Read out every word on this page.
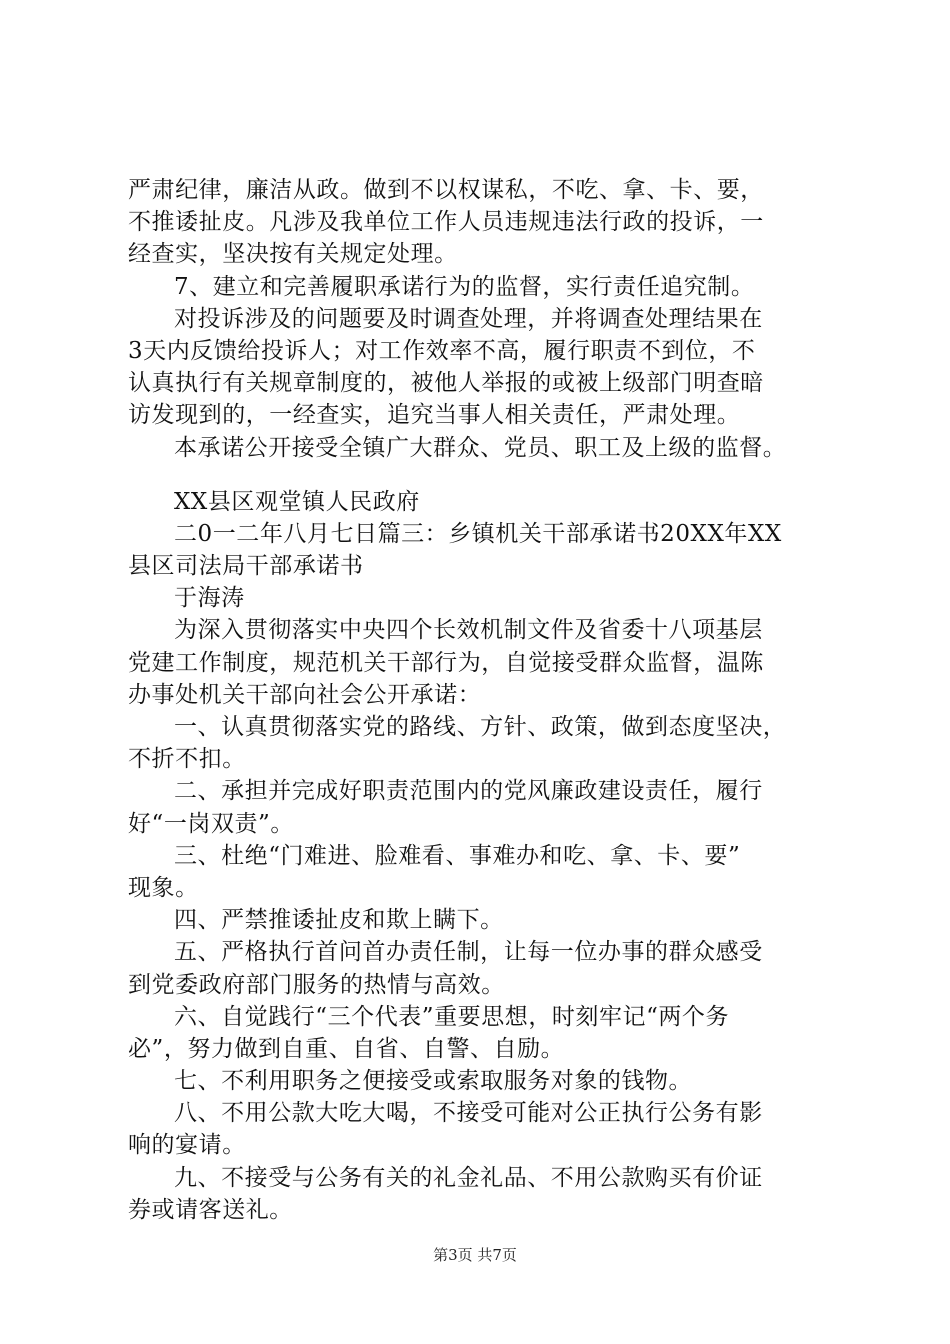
严肃纪律，廉洁从政。做到不以权谋私，不吃、拿、卡、要，
不推诿扯皮。凡涉及我单位工作人员违规违法行政的投诉，一
经查实，坚决按有关规定处理。
7、建立和完善履职承诺行为的监督，实行责任追究制。
对投诉涉及的问题要及时调查处理，并将调查处理结果在
3天内反馈给投诉人；对工作效率不高，履行职责不到位，不
认真执行有关规章制度的，被他人举报的或被上级部门明查暗
访发现到的，一经查实，追究当事人相关责任，严肃处理。
本承诺公开接受全镇广大群众、党员、职工及上级的监督。
XX县区观堂镇人民政府
二0一二年八月七日篇三：乡镇机关干部承诺书20XX年XX
县区司法局干部承诺书
于海涛
为深入贯彻落实中央四个长效机制文件及省委十八项基层
党建工作制度，规范机关干部行为，自觉接受群众监督，温陈
办事处机关干部向社会公开承诺：
一、认真贯彻落实党的路线、方针、政策，做到态度坚决，
不折不扣。
二、承担并完成好职责范围内的党风廉政建设责任，履行
好“一岗双责”。
三、杜绝“门难进、脸难看、事难办和吃、拿、卡、要”
现象。
四、严禁推诿扯皮和欺上瞒下。
五、严格执行首问首办责任制，让每一位办事的群众感受
到党委政府部门服务的热情与高效。
六、自觉践行“三个代表”重要思想，时刻牢记“两个务
必”，努力做到自重、自省、自警、自励。
七、不利用职务之便接受或索取服务对象的钱物。
八、不用公款大吃大喝，不接受可能对公正执行公务有影
响的宴请。
九、不接受与公务有关的礼金礼品、不用公款购买有价证
券或请客送礼。
第3页 共7页
